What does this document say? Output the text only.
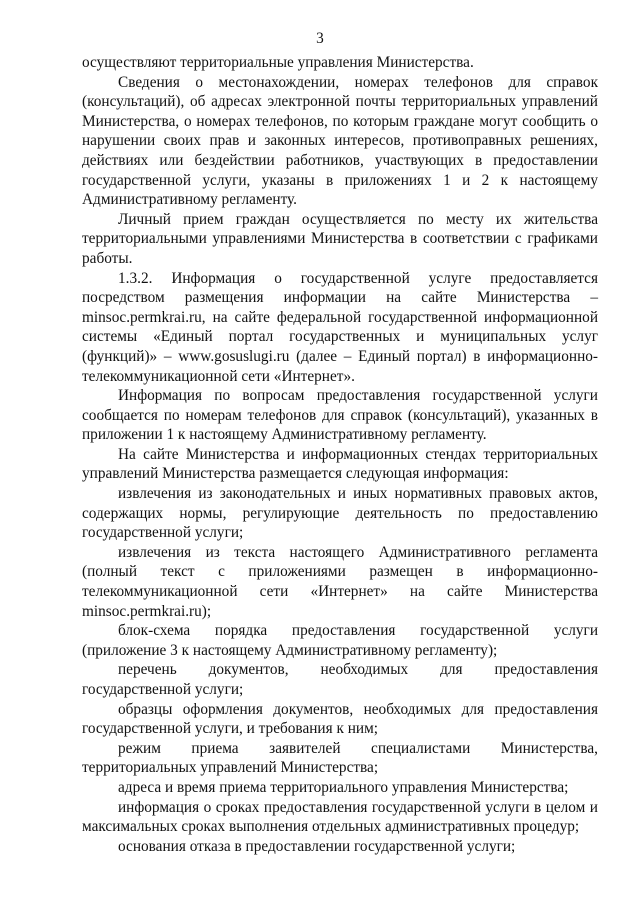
3

осуществляют территориальные управления Министерства.

Сведения о местонахождении, номерах телефонов для справок (консультаций), об адресах электронной почты территориальных управлений Министерства, о номерах телефонов, по которым граждане могут сообщить о нарушении своих прав и законных интересов, противоправных решениях, действиях или бездействии работников, участвующих в предоставлении государственной услуги, указаны в приложениях 1 и 2 к настоящему Административному регламенту.

Личный прием граждан осуществляется по месту их жительства территориальными управлениями Министерства в соответствии с графиками работы.

1.3.2. Информация о государственной услуге предоставляется посредством размещения информации на сайте Министерства – minsoc.permkrai.ru, на сайте федеральной государственной информационной системы «Единый портал государственных и муниципальных услуг (функций)» – www.gosuslugi.ru (далее – Единый портал) в информационно-телекоммуникационной сети «Интернет».

Информация по вопросам предоставления государственной услуги сообщается по номерам телефонов для справок (консультаций), указанных в приложении 1 к настоящему Административному регламенту.

На сайте Министерства и информационных стендах территориальных управлений Министерства размещается следующая информация:

извлечения из законодательных и иных нормативных правовых актов, содержащих нормы, регулирующие деятельность по предоставлению государственной услуги;

извлечения из текста настоящего Административного регламента (полный текст с приложениями размещен в информационно-телекоммуникационной сети «Интернет» на сайте Министерства minsoc.permkrai.ru);

блок-схема порядка предоставления государственной услуги (приложение 3 к настоящему Административному регламенту);

перечень документов, необходимых для предоставления государственной услуги;

образцы оформления документов, необходимых для предоставления государственной услуги, и требования к ним;

режим приема заявителей специалистами Министерства, территориальных управлений Министерства;

адреса и время приема территориального управления Министерства;

информация о сроках предоставления государственной услуги в целом и максимальных сроках выполнения отдельных административных процедур;

основания отказа в предоставлении государственной услуги;
